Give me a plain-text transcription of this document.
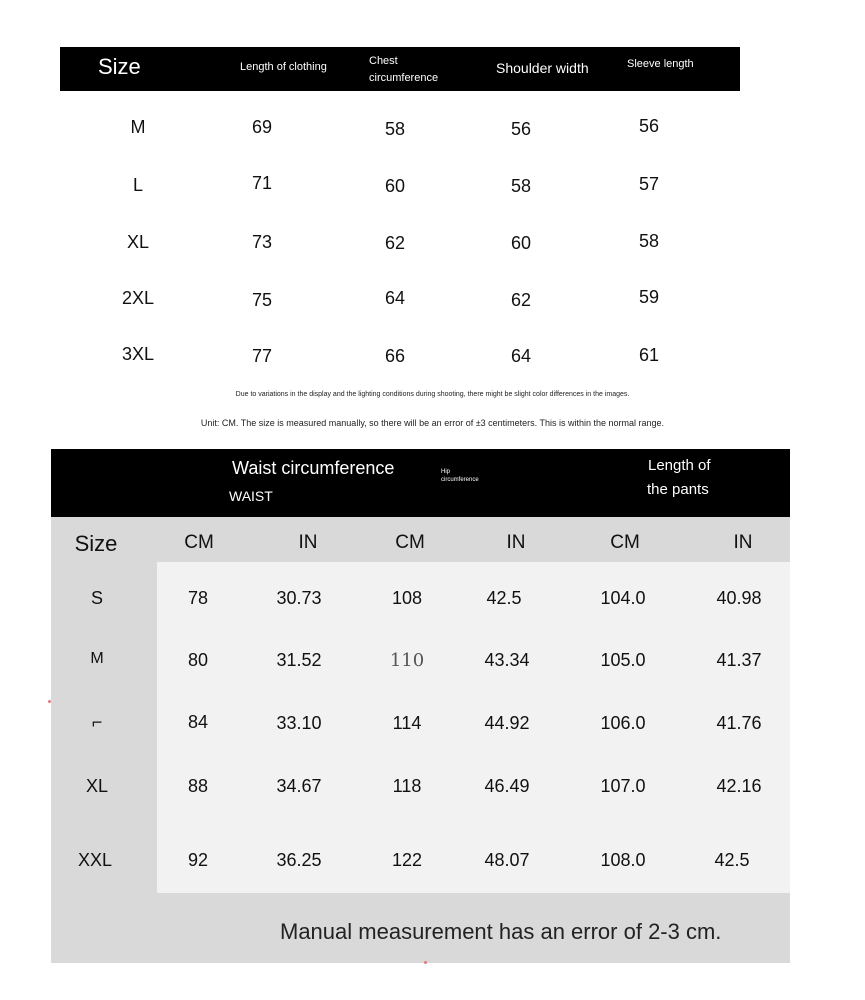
Size	Length of clothing	Chest
circumference
Shoulder width	Sleeve length
M	69	58	56	56
L	71	60	58	57
XL	73	62	60	58
2XL	75	64	62	59
3XL	77	66	64	61
Due to variations in the display and the lighting conditions during shooting, there might be slight color differences in the images.
Unit: CM. The size is measured manually, so there will be an error of ±3 centimeters. This is within the normal range.
Waist circumference
WAIST
Hip
circumference
Length of
the pants
Size	CM	IN	CM	IN	CM	IN
S	78	30.73	108	42.5	104.0	40.98
M	80	31.52	110	43.34	105.0	41.37
⌐	84	33.10	114	44.92	106.0	41.76
XL	88	34.67	118	46.49	107.0	42.16
XXL	92	36.25	122	48.07	108.0	42.5
Manual measurement has an error of 2-3 cm.
